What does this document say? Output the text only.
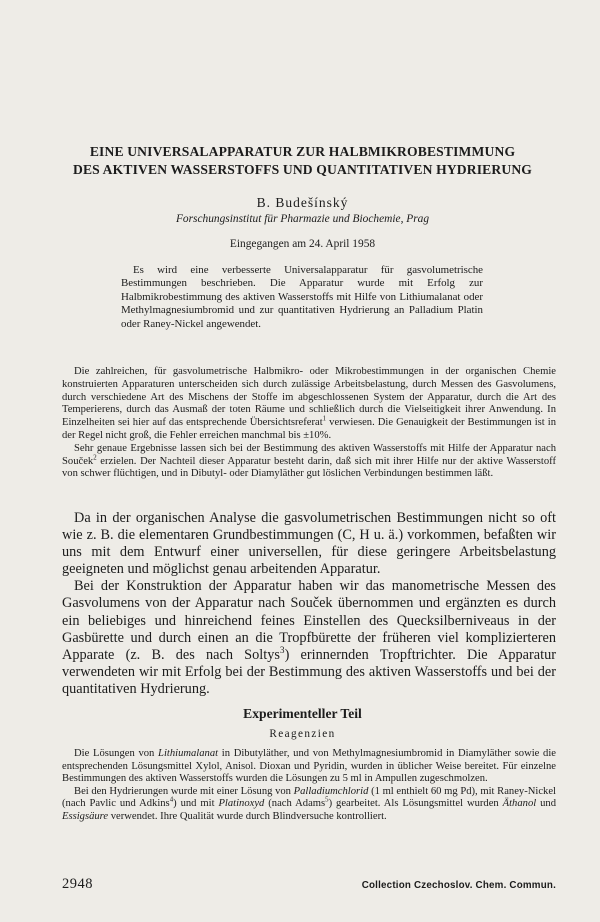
EINE UNIVERSALAPPARATUR ZUR HALBMIKROBESTIMMUNG
DES AKTIVEN WASSERSTOFFS UND QUANTITATIVEN HYDRIERUNG
B. Budešínský
Forschungsinstitut für Pharmazie und Biochemie, Prag
Eingegangen am 24. April 1958

Es wird eine verbesserte Universalapparatur für gasvolumetrische Bestimmungen beschrieben. Die Apparatur wurde mit Erfolg zur Halbmikrobestimmung des aktiven Wasserstoffs mit Hilfe von Lithiumalanat oder Methylmagnesiumbromid und zur quantitativen Hydrierung an Palladium Platin oder Raney-Nickel angewendet.

Die zahlreichen, für gasvolumetrische Halbmikro- oder Mikrobestimmungen in der organischen Chemie konstruierten Apparaturen unterscheiden sich durch zulässige Arbeitsbelastung, durch Messen des Gasvolumens, durch verschiedene Art des Mischens der Stoffe im abgeschlossenen System der Apparatur, durch die Art des Temperierens, durch das Ausmaß der toten Räume und schließlich durch die Vielseitigkeit ihrer Anwendung. In Einzelheiten sei hier auf das entsprechende Übersichtsreferat$^1$ verwiesen. Die Genauigkeit der Bestimmungen ist in der Regel nicht groß, die Fehler erreichen manchmal bis ±10%.

Sehr genaue Ergebnisse lassen sich bei der Bestimmung des aktiven Wasserstoffs mit Hilfe der Apparatur nach Souček$^2$ erzielen. Der Nachteil dieser Apparatur besteht darin, daß sich mit ihrer Hilfe nur der aktive Wasserstoff von schwer flüchtigen, und in Dibutyl- oder Diamyläther gut löslichen Verbindungen bestimmen läßt.

Da in der organischen Analyse die gasvolumetrischen Bestimmungen nicht so oft wie z. B. die elementaren Grundbestimmungen (C, H u. ä.) vorkommen, befaßten wir uns mit dem Entwurf einer universellen, für diese geringere Arbeitsbelastung geeigneten und möglichst genau arbeitenden Apparatur.

Bei der Konstruktion der Apparatur haben wir das manometrische Messen des Gasvolumens von der Apparatur nach Souček übernommen und ergänzten es durch ein beliebiges und hinreichend feines Einstellen des Quecksilberniveaus in der Gasbürette und durch einen an die Tropfbürette der früheren viel komplizierteren Apparate (z. B. des nach Soltys$^3$) erinnernden Tropftrichter. Die Apparatur verwendeten wir mit Erfolg bei der Bestimmung des aktiven Wasserstoffs und bei der quantitativen Hydrierung.

Experimenteller Teil
Reagenzien

Die Lösungen von Lithiumalanat in Dibutyläther, und von Methylmagnesiumbromid in Diamyläther sowie die entsprechenden Lösungsmittel Xylol, Anisol. Dioxan und Pyridin, wurden in üblicher Weise bereitet. Für einzelne Bestimmungen des aktiven Wasserstoffs wurden die Lösungen zu 5 ml in Ampullen zugeschmolzen.

Bei den Hydrierungen wurde mit einer Lösung von Palladiumchlorid (1 ml enthielt 60 mg Pd), mit Raney-Nickel (nach Pavlic und Adkins$^4$) und mit Platinoxyd (nach Adams$^5$) gearbeitet. Als Lösungsmittel wurden Äthanol und Essigsäure verwendet. Ihre Qualität wurde durch Blindversuche kontrolliert.

2948	Collection Czechoslov. Chem. Commun.
